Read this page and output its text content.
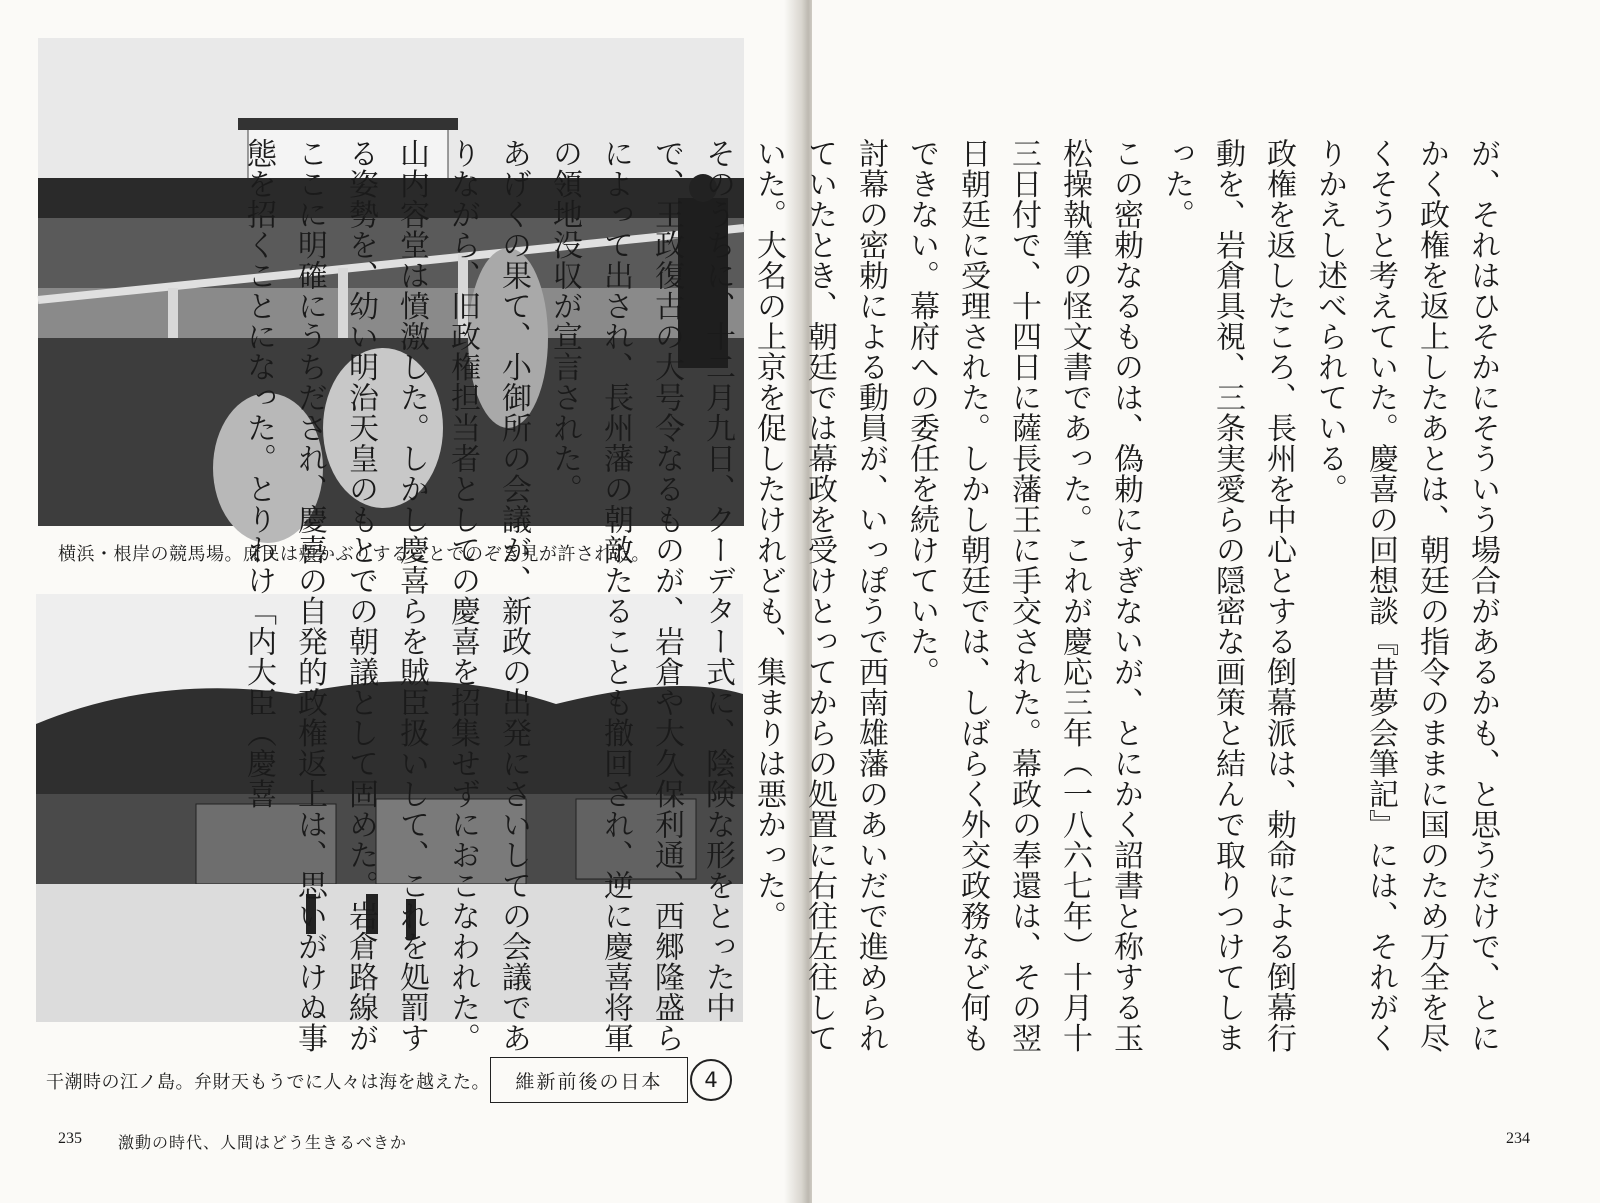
横浜・根岸の競馬場。庶民は頬かぶりすることでのぞき見が許された。
干潮時の江ノ島。弁財天もうでに人々は海を越えた。	維新前後の日本	4
235 激動の時代、人間はどう生きるべきか

が、それはひそかにそういう場合があるかも、と思うだけで、とにかく政権を返上したあとは、朝廷の指令のままに国のため万全を尽くそうと考えていた。慶喜の回想談『昔夢会筆記』には、それがくりかえし述べられている。

政権を返したころ、長州を中心とする倒幕派は、勅命による倒幕行動を、岩倉具視、三条実愛らの隠密な画策と結んで取りつけてしまった。

この密勅なるものは、偽勅にすぎないが、とにかく詔書と称する玉松操執筆の怪文書であった。これが慶応三年（一八六七年）十月十三日付で、十四日に薩長藩王に手交された。幕政の奉還は、その翌日朝廷に受理された。しかし朝廷では、しばらく外交政務など何もできない。幕府への委任を続けていた。

討幕の密勅による動員が、いっぽうで西南雄藩のあいだで進められていたとき、朝廷では幕政を受けとってからの処置に右往左往していた。大名の上京を促したけれども、集まりは悪かった。

そのうちに、十二月九日、クーデター式に、陰険な形をとった中で、王政復古の大号令なるものが、岩倉や大久保利通、西郷隆盛らによって出され、長州藩の朝敵たることも撤回され、逆に慶喜将軍の領地没収が宣言された。

あげくの果て、小御所の会議が、新政の出発にさいしての会議でありながら、旧政権担当者としての慶喜を招集せずにおこなわれた。山内容堂は憤激した。しかし慶喜らを賊臣扱いして、これを処罰する姿勢を、幼い明治天皇のもとでの朝議として固めた。岩倉路線がここに明確にうちだされ、慶喜の自発的政権返上は、思いがけぬ事態を招くことになった。とりわけ「内大臣（慶喜

234
